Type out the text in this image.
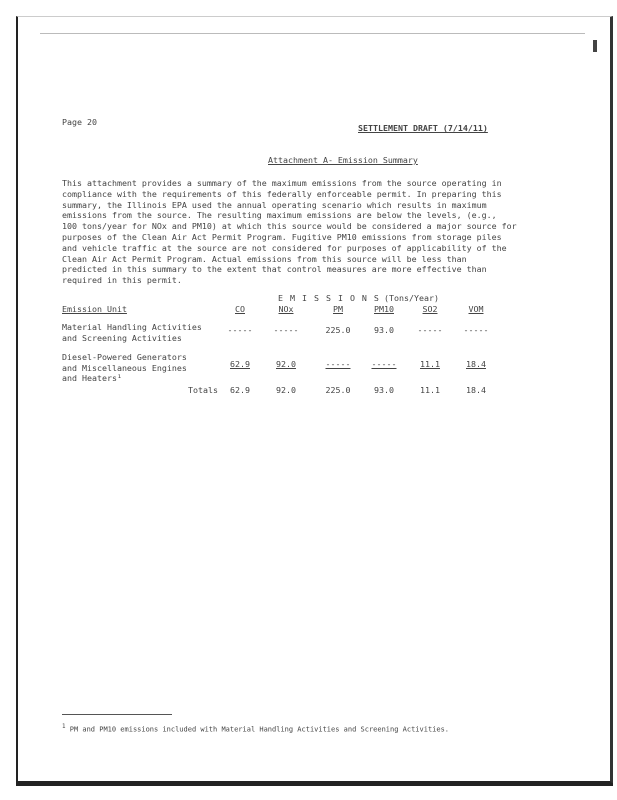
Page 20
SETTLEMENT DRAFT (7/14/11)
Attachment A- Emission Summary
This attachment provides a summary of the maximum emissions from the source operating in
compliance with the requirements of this federally enforceable permit. In preparing this
summary, the Illinois EPA used the annual operating scenario which results in maximum
emissions from the source. The resulting maximum emissions are below the levels, (e.g.,
100 tons/year for NOx and PM10) at which this source would be considered a major source for
purposes of the Clean Air Act Permit Program. Fugitive PM10 emissions from storage piles
and vehicle traffic at the source are not considered for purposes of applicability of the
Clean Air Act Permit Program. Actual emissions from this source will be less than
predicted in this summary to the extent that control measures are more effective than
required in this permit.
E M I S S I O N S (Tons/Year)
Emission Unit	CO	NOx	PM	PM10	SO2	VOM
Material Handling Activities
and Screening Activities
-----	-----	225.0	93.0	-----	-----
Diesel-Powered Generators
and Miscellaneous Engines
and Heaters¹
62.9	92.0	-----	-----	11.1	18.4
Totals	62.9	92.0	225.0	93.0	11.1	18.4
$^1$ PM and PM10 emissions included with Material Handling Activities and Screening Activities.
